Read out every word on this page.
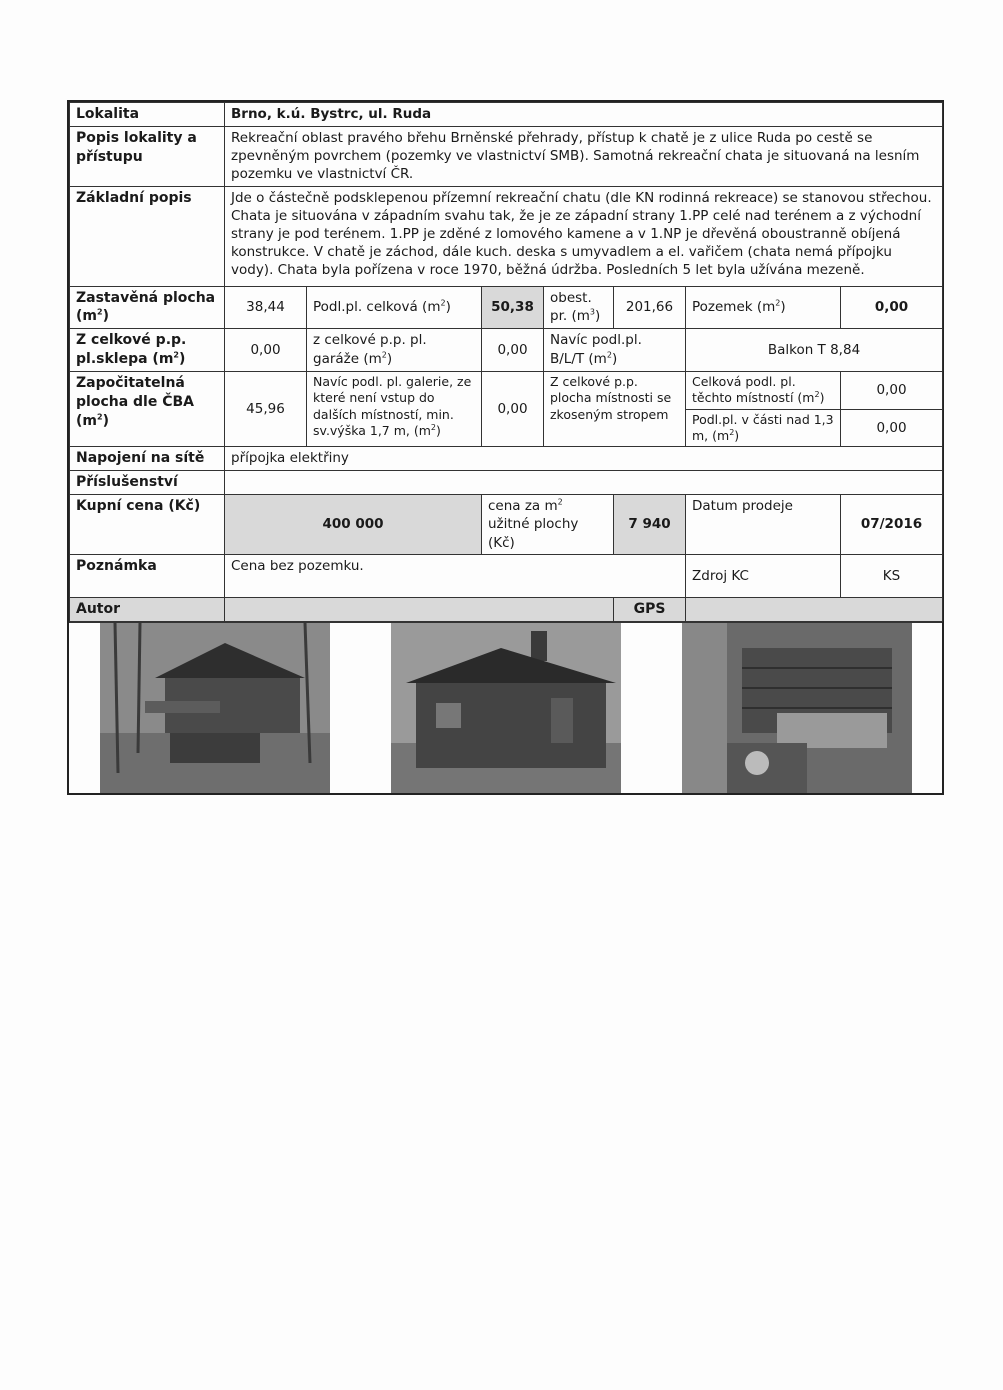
Lokalita	Brno, k.ú. Bystrc, ul. Ruda						
Popis lokality a přístupu	Rekreační oblast pravého břehu Brněnské přehrady, přístup k chatě je z ulice Ruda po cestě se zpevněným povrchem (pozemky ve vlastnictví SMB). Samotná rekreační chata je situovaná na lesním pozemku ve vlastnictví ČR.						
Základní popis	Jde o částečně podsklepenou přízemní rekreační chatu (dle KN rodinná rekreace) se stanovou střechou. Chata je situována v západním svahu tak, že je ze západní strany 1.PP celé nad terénem a z východní strany je pod terénem. 1.PP je zděné z lomového kamene a v 1.NP je dřevěná oboustranně obíjená konstrukce. V chatě je záchod, dále kuch. deska s umyvadlem a el. vařičem (chata nemá přípojku vody). Chata byla pořízena v roce 1970, běžná údržba. Posledních 5 let byla užívána mezeně.						
Zastavěná plocha $(m^2)$	38,44	Podl.pl. celková $(m^2)$	50,38	obest. pr. $(m^3)$	201,66	Pozemek $(m^2)$	0,00
Z celkové p.p. pl.sklepa $(m^2)$	0,00	z celkové p.p. pl. garáže $(m^2)$	0,00	Navíc podl.pl. B/L/T $(m^2)$		Balkon T 8,84	
Započitatelná plocha dle ČBA $(m^2)$	45,96	Navíc podl. pl. galerie, ze které není vstup do dalších místností, min. sv.výška 1,7 m, $(m^2)$	0,00	Z celkové p.p. plocha místnosti se zkoseným stropem		Celková podl. pl. těchto místností $(m^2)$	0,00
						Podl.pl. v části nad 1,3 m, $(m^2)$	0,00
Napojení na sítě	přípojka elektřiny						
Příslušenství							
Kupní cena (Kč)	400 000		cena za $m^2$ užitné plochy (Kč)		7 940	Datum prodeje	07/2016
Poznámka	Cena bez pozemku.					Zdroj KC	KS
Autor					GPS		
